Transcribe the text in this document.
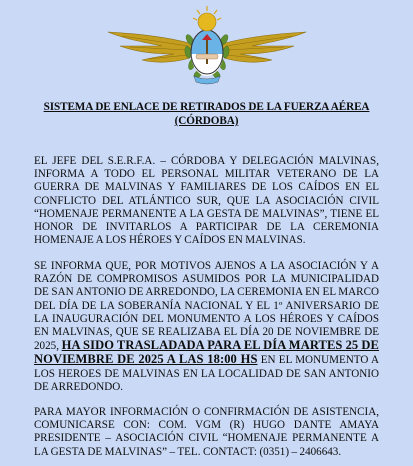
SISTEMA DE ENLACE DE RETIRADOS DE LA FUERZA AÉREA
(CÓRDOBA)
EL JEFE DEL S.E.R.F.A. – CÓRDOBA Y DELEGACIÓN MALVINAS, INFORMA A TODO EL PERSONAL MILITAR VETERANO DE LA GUERRA DE MALVINAS Y FAMILIARES DE LOS CAÍDOS EN EL CONFLICTO DEL ATLÁNTICO SUR, QUE LA ASOCIACIÓN CIVIL “HOMENAJE PERMANENTE A LA GESTA DE MALVINAS”, TIENE EL HONOR DE INVITARLOS A PARTICIPAR DE LA CEREMONIA HOMENAJE A LOS HÉROES Y CAÍDOS EN MALVINAS.
SE INFORMA QUE, POR MOTIVOS AJENOS A LA ASOCIACIÓN Y A RAZÓN DE COMPROMISOS ASUMIDOS POR LA MUNICIPALIDAD DE SAN ANTONIO DE ARREDONDO, LA CEREMONIA EN EL MARCO DEL DÍA DE LA SOBERANÍA NACIONAL Y EL 1º ANIVERSARIO DE LA INAUGURACIÓN DEL MONUMENTO A LOS HÉROES Y CAÍDOS EN MALVINAS, QUE SE REALIZABA EL DÍA 20 DE NOVIEMBRE DE 2025, HA SIDO TRASLADADA PARA EL DÍA MARTES 25 DE NOVIEMBRE DE 2025 A LAS 18:00 HS EN EL MONUMENTO A LOS HEROES DE MALVINAS EN LA LOCALIDAD DE SAN ANTONIO DE ARREDONDO.
PARA MAYOR INFORMACIÓN O CONFIRMACIÓN DE ASISTENCIA, COMUNICARSE CON: COM. VGM (R) HUGO DANTE AMAYA PRESIDENTE – ASOCIACIÓN CIVIL “HOMENAJE PERMANENTE A LA GESTA DE MALVINAS” – TEL. CONTACT: (0351) – 2406643.
